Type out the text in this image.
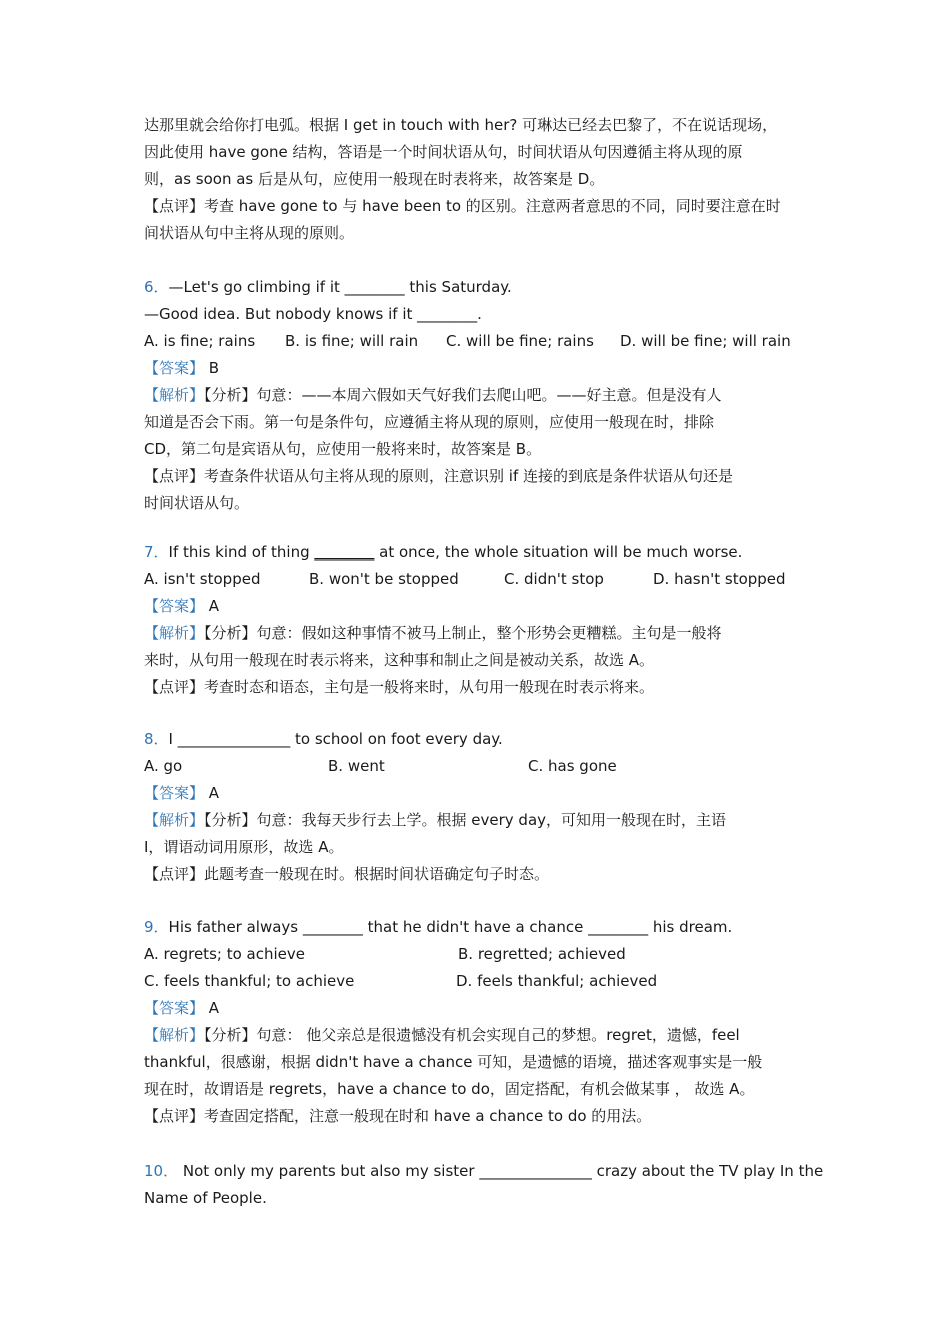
达那里就会给你打电弧。根据 I get in touch with her? 可琳达已经去巴黎了，不在说话现场，
因此使用 have gone 结构，答语是一个时间状语从句，时间状语从句因遵循主将从现的原
则，as soon as 后是从句，应使用一般现在时表将来，故答案是 D。
【点评】考查 have gone to 与 have been to 的区别。注意两者意思的不同，同时要注意在时
间状语从句中主将从现的原则。
6．—Let's go climbing if it ________ this Saturday.
—Good idea. But nobody knows if it ________.
A. is fine; rains B. is fine; will rain C. will be fine; rains D. will be fine; will rain
【答案】 B
【解析】【分析】句意：——本周六假如天气好我们去爬山吧。——好主意。但是没有人
知道是否会下雨。第一句是条件句，应遵循主将从现的原则，应使用一般现在时，排除
CD，第二句是宾语从句，应使用一般将来时，故答案是 B。
【点评】考查条件状语从句主将从现的原则，注意识别 if 连接的到底是条件状语从句还是
时间状语从句。
7．If this kind of thing ________ at once, the whole situation will be much worse.
A. isn't stopped	B. won't be stopped	C. didn't stop	D. hasn't stopped
【答案】 A
【解析】【分析】句意：假如这种事情不被马上制止，整个形势会更糟糕。主句是一般将
来时，从句用一般现在时表示将来，这种事和制止之间是被动关系，故选 A。
【点评】考查时态和语态，主句是一般将来时，从句用一般现在时表示将来。
8．I _______________ to school on foot every day.
A. go	B. went	C. has gone
【答案】 A
【解析】【分析】句意：我每天步行去上学。根据 every day，可知用一般现在时，主语
I，谓语动词用原形，故选 A。
【点评】此题考查一般现在时。根据时间状语确定句子时态。
9．His father always ________ that he didn't have a chance ________ his dream.
A. regrets; to achieve	B. regretted; achieved
C. feels thankful; to achieve	D. feels thankful; achieved
【答案】 A
【解析】【分析】句意： 他父亲总是很遗憾没有机会实现自己的梦想。regret，遗憾，feel
thankful，很感谢，根据 didn't have a chance 可知，是遗憾的语境，描述客观事实是一般
现在时，故谓语是 regrets，have a chance to do，固定搭配，有机会做某事 ， 故选 A。
【点评】考查固定搭配，注意一般现在时和 have a chance to do 的用法。
10． Not only my parents but also my sister _______________ crazy about the TV play In the
Name of People.
